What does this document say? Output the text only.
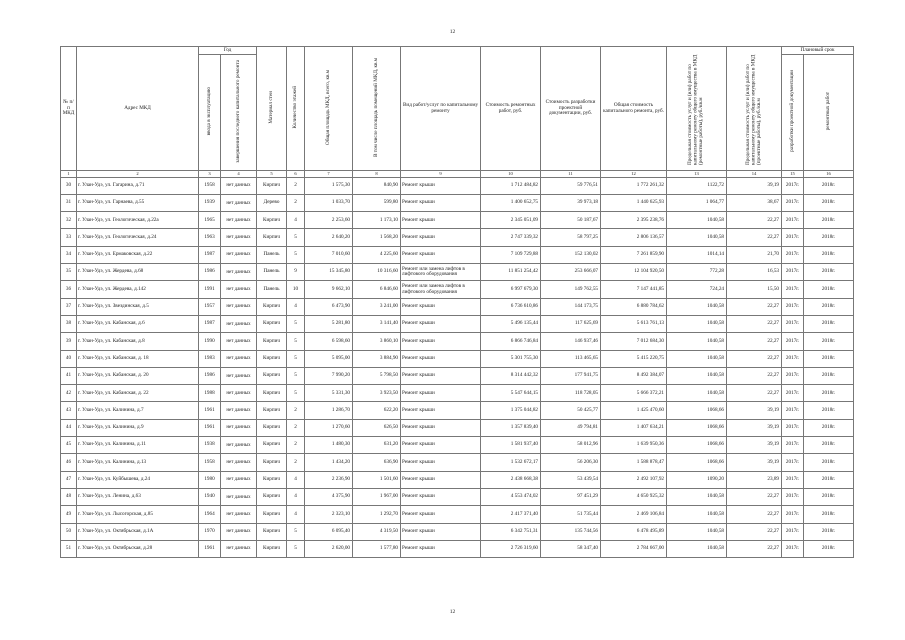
12
№ п/п МКД	Адрес МКД	Год		Материал стен	Количество этажей	Общая площадь МКД, всего, кв.м	В том числе площадь помещений МКД, кв.м	Вид работ/услуг по капитальному ремонту	Стоимость ремонтных работ, руб.	Стоимость разработки проектной документации, руб.	Общая стоимость капитального ремонта, руб.	Предельная стоимость услуг и (или) работ по капитальному ремонту общего имущества в МКД (ремонтные работы), руб./кв.м	Предельная стоимость услуг и (или) работ по капитальному ремонту общего имущества в МКД (проектные работы), руб./кв.м	Плановый срок	
		ввода в эксплуатацию	завершения последнего капитального ремонта											разработки проектной документации	ремонтных работ
1	2	3	4	5	6	7	8	9	10	11	12	13	14	15	16
30	г. Улан-Удэ, ул. Гагарина, д.71	1958	нет данных	Кирпич	2	1 575,30	840,90	Ремонт крыши	1 712 484,82	59 776,51	1 772 261,32	1122,72	39,19	2017г.	2018г.
31	г. Улан-Удэ, ул. Гарнаева, д.55	1939	нет данных	Дерево	2	1 033,70	599,80	Ремонт крыши	1 400 652,75	39 973,18	1 440 625,93	1 064,77	38,67	2017г.	2018г.
32	г. Улан-Удэ, ул. Геологическая, д.22а	1965	нет данных	Кирпич	4	2 253,60	1 173,10	Ремонт крыши	2 345 051,09	50 187,67	2 395 238,76	1040,58	22,27	2017г.	2018г.
33	г. Улан-Удэ, ул. Геологическая, д.24	1963	нет данных	Кирпич	5	2 640,20	1 568,20	Ремонт крыши	2 747 339,32	58 797,25	2 806 136,57	1040,58	22,27	2017г.	2018г.
34	г. Улан-Удэ, ул. Ермаковская, д.22	1987	нет данных	Панель	5	7 010,60	4 225,60	Ремонт крыши	7 109 729,88	152 130,02	7 261 859,90	1014,14	21,70	2017г.	2018г.
35	г. Улан-Удэ, ул. Жердева, д.68	1986	нет данных	Панель	9	15 345,80	10 316,60	Ремонт или замена лифтов в лифтового оборудования	11 851 254,42	253 666,07	12 104 920,50	772,28	16,53	2017г.	2018г.
36	г. Улан-Удэ, ул. Жердева, д.142	1991	нет данных	Панель	10	9 662,10	6 846,60	Ремонт или замена лифтов в лифтового оборудования	6 997 679,30	149 762,55	7 147 441,85	724,24	15,50	2017г.	2018г.
37	г. Улан-Удэ, ул. Звездинская, д.5	1957	нет данных	Кирпич	4	6 473,90	3 241,00	Ремонт крыши	6 736 610,86	144 173,75	6 880 784,62	1040,58	22,27	2017г.	2018г.
38	г. Улан-Удэ, ул. Кабанская, д.6	1987	нет данных	Кирпич	5	5 281,80	3 141,40	Ремонт крыши	5 496 135,44	117 625,69	5 613 761,13	1040,58	22,27	2017г.	2018г.
39	г. Улан-Удэ, ул. Кабанская, д.8	1990	нет данных	Кирпич	5	6 598,60	3 860,10	Ремонт крыши	6 866 746,84	146 937,46	7 012 684,30	1040,58	22,27	2017г.	2018г.
40	г. Улан-Удэ, ул. Кабанская, д. 18	1983	нет данных	Кирпич	5	5 095,00	3 884,90	Ремонт крыши	5 301 755,30	113 465,65	5 415 220,75	1040,58	22,27	2017г.	2018г.
41	г. Улан-Удэ, ул. Кабанская, д. 20	1986	нет данных	Кирпич	5	7 990,20	5 798,50	Ремонт крыши	8 314 442,32	177 941,75	8 492 384,07	1040,58	22,27	2017г.	2018г.
42	г. Улан-Удэ, ул. Кабанская, д. 22	1988	нет данных	Кирпич	5	5 331,30	3 923,50	Ремонт крыши	5 547 644,15	118 728,05	5 666 372,21	1040,58	22,27	2017г.	2018г.
43	г. Улан-Удэ, ул. Калинина, д.7	1961	нет данных	Кирпич	2	1 286,70	622,20	Ремонт крыши	1 375 044,82	50 425,77	1 425 470,60	1068,66	39,19	2017г.	2018г.
44	г. Улан-Удэ, ул. Калинина, д.9	1961	нет данных	Кирпич	2	1 270,60	626,50	Ремонт крыши	1 357 839,40	49 794,81	1 407 634,21	1068,66	39,19	2017г.	2018г.
45	г. Улан-Удэ, ул. Калинина, д.11	1938	нет данных	Кирпич	2	1 480,30	631,20	Ремонт крыши	1 581 937,40	58 012,96	1 639 950,36	1068,66	39,19	2017г.	2018г.
46	г. Улан-Удэ, ул. Калинина, д.13	1958	нет данных	Кирпич	2	1 434,20	636,90	Ремонт крыши	1 532 672,17	56 206,30	1 588 878,47	1068,66	39,19	2017г.	2018г.
47	г. Улан-Удэ, ул. Куйбышева, д.24	1980	нет данных	Кирпич	4	2 236,90	1 501,60	Ремонт крыши	2 438 668,38	53 439,54	2 492 107,92	1090,20	23,89	2017г.	2018г.
48	г. Улан-Удэ, ул. Ленина, д.63	1940	нет данных	Кирпич	4	4 375,90	1 967,00	Ремонт крыши	4 553 474,02	97 451,29	4 650 925,32	1040,58	22,27	2017г.	2018г.
49	г. Улан-Удэ, ул. Лысогорская, д.85	1964	нет данных	Кирпич	4	2 323,10	1 292,70	Ремонт крыши	2 417 371,40	51 735,44	2 469 106,84	1040,58	22,27	2017г.	2018г.
50	г. Улан-Удэ, ул. Октябрьская, д.1А	1970	нет данных	Кирпич	5	6 095,40	4 319,50	Ремонт крыши	6 342 751,31	135 744,56	6 478 495,89	1040,58	22,27	2017г.	2018г.
51	г. Улан-Удэ, ул. Октябрьская, д.28	1961	нет данных	Кирпич	5	2 620,00	1 577,80	Ремонт крыши	2 726 319,60	58 347,40	2 784 667,00	1040,58	22,27	2017г.	2018г.
12
